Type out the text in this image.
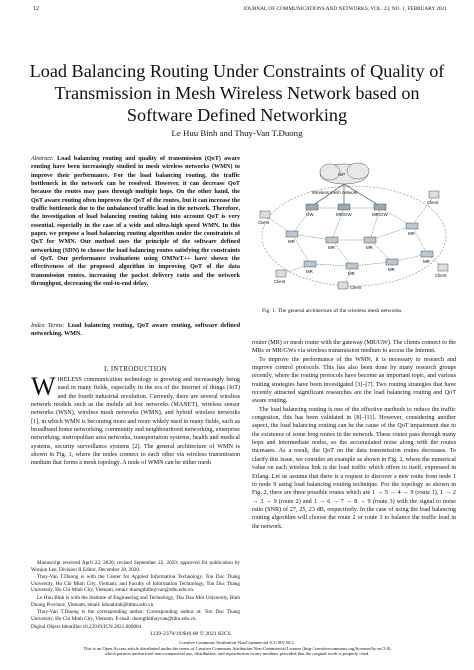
12	JOURNAL OF COMMUNICATIONS AND NETWORKS, VOL. 23, NO. 1, FEBRUARY 2021
Load Balancing Routing Under Constraints of Quality of Transmission in Mesh Wireless Network based on Software Defined Networking
Le Huu Binh and Thuy-Van T.Duong
Abstract: Load balancing routing and quality of transmission (QoT) aware routing have been increasingly studied in mesh wireless networks (WMN) to improve their performance. For the load balancing routing, the traffic bottleneck in the network can be resolved. However, it can decrease QoT because the routes may pass through multiple hops. On the other hand, the QoT aware routing often improves the QoT of the routes, but it can increase the traffic bottleneck due to the unbalanced traffic load in the network. Therefore, the investigation of load balancing routing taking into account QoT is very essential, especially in the case of a wide and ultra-high speed WMN. In this paper, we propose a load balancing routing algorithm under the constraints of QoT for WMN. Our method uses the principle of the software defined networking (SDN) to choose the load balancing routes satisfying the constraints of QoT. Our performance evaluations using OMNeT++ have shown the effectiveness of the proposed algorithm in improving QoT of the data transmission routes, increasing the packet delivery ratio and the network throughput, decreasing the end-to-end delay.
Index Terms: Load balancing routing, QoT aware routing, software defined networking, WMN.
I. INTRODUCTION
WIRELESS communication technology is growing and increasingly being used in many fields, especially in the era of the Internet of things (IoT) and the fourth industrial revolution. Currently, there are several wireless network models such as the mobile ad hoc networks (MANET), wireless sensor networks (WSN), wireless mesh networks (WMN), and hybrid wireless networks [1], in which WMN is becoming more and more widely used in many fields, such as broadband home networking, community and neighbourhood networking, enterprise networking, metropolitan area networks, transportation systems, health and medical systems, security surveillance systems [2]. The general architecture of WMN is shown in Fig. 1, where the nodes connect to each other via wireless transmission medium that forms a mesh topology. A node of WMN can be either mesh

Manuscript received April 22, 2020; revised September 22, 2020; approved for publication by Wonjun Lee, Division II Editor, December 28, 2020.

Thuy-Van T.Duong is with the Center for Applied Information Technology, Ton Duc Thang University, Ho Chi Minh City, Vietnam; and Faculty of Information Technology, Ton Duc Thang University, Ho Chi Minh City, Vietnam, email: duongthithuyvan@tdtu.edu.vn.

Le Huu Binh is with the Institute of Engineering and Technology, Thu Dau Mot University, Binh Duong Province, Vietnam, email: lehuubinh@tdmu.edu.vn.

Thuy-Van T.Duong is the corresponding author. Corresponding author at: Ton Duc Thang University, Ho Chi Minh City, Vietnam. E-mail: duongthithuyvan@tdtu.edu.vn.

Digital Object Identifier:10.23919/JCN.2021.000004
1229-2370/19/$10.00 © 2021 KICS
Creative Commons Attribution-NonCommercial (CC BY-NC).
This is an Open Access article distributed under the terms of Creative Commons Attribution Non-Commercial License (http://creativecommons.org/licenses/by-nc/3.0)
which permits unrestricted non-commercial use, distribution, and reproduction in any medium, provided that the original work is properly cited.
ISP
Wireless mesh network
GW	MR/GW	MR/GW
MR
MR	MR
MR
MR	MR
MR
MR
Client
Client
Client
Client
Client
Fig. 1. The general architecture of the wireless mesh networks.

router (MR) or mesh router with the gateway (MR/GW). The clients connect to the MRs or MR/GWs via wireless transmission medium to access the Internet.

To improve the performance of the WMN, it is necessary to research and improve control protocols. This has also been done by many research groups recently, where the routing protocols have become an important topic, and various routing strategies have been investigated [3]–[7]. Two routing strategies that have recently attracted significant researches are the load balancing routing and QoT aware routing.

The load balancing routing is one of the effective methods to reduce the traffic congestion, this has been validated in [8]–[11]. However, considering another aspect, the load balancing routing can be the cause of the QoT impairment due to the existence of some long routes in the network. These routes pass through many hops and intermediate nodes, so the accumulated noise along with the routes increases. As a result, the QoT on the data transmission routes decreases. To clarify this issue, we consider an example as shown in Fig. 2, where the numerical value on each wireless link is the load traffic which offers to itself, expressed in Erlang. Let us assume that there is a request to discover a new route from node 1 to node 9 using load balancing routing technique. For the topology as shown in Fig. 2, there are three possible routes which are 1 → 5 → 4 → 9 (route 1), 1 → 2 → 3 → 9 (route 2) and 1 → 6 → 7 → 8 → 9 (route 3) with the signal to noise ratio (SNR) of 27, 25, 23 dB, respectively. In the case of using the load balancing routing algorithm will choose the route 2 or route 3 to balance the traffic load in the network.
